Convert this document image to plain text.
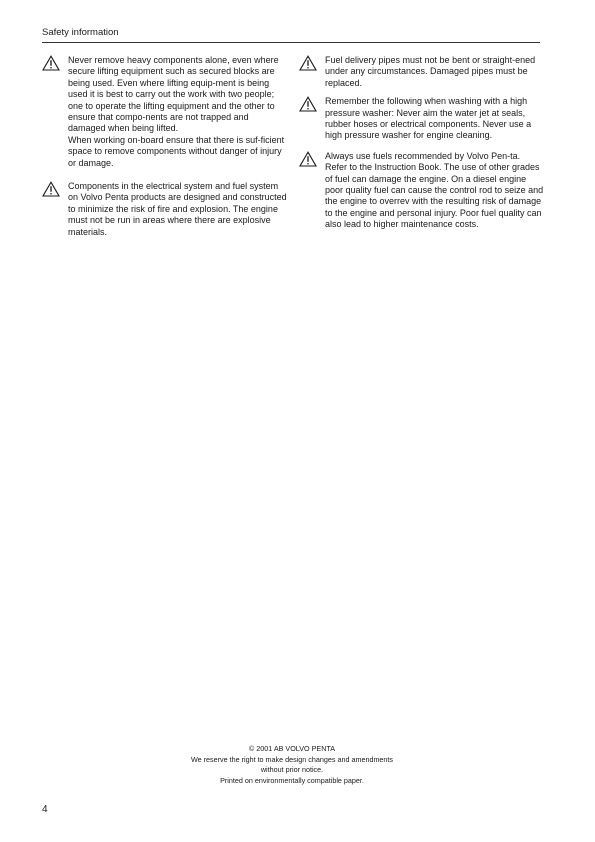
Safety information

Never remove heavy components alone, even where secure lifting equipment such as secured blocks are being used. Even where lifting equip-ment is being used it is best to carry out the work with two people; one to operate the lifting equipment and the other to ensure that compo-nents are not trapped and damaged when being lifted.

When working on-board ensure that there is suf-ficient space to remove components without danger of injury or damage.

Components in the electrical system and fuel system on Volvo Penta products are designed and constructed to minimize the risk of fire and explosion. The engine must not be run in areas where there are explosive materials.

Fuel delivery pipes must not be bent or straight-ened under any circumstances. Damaged pipes must be replaced.

Remember the following when washing with a high pressure washer: Never aim the water jet at seals, rubber hoses or electrical components. Never use a high pressure washer for engine cleaning.

Always use fuels recommended by Volvo Pen-ta. Refer to the Instruction Book. The use of other grades of fuel can damage the engine. On a diesel engine poor quality fuel can cause the control rod to seize and the engine to overrev with the resulting risk of damage to the engine and personal injury. Poor fuel quality can also lead to higher maintenance costs.

© 2001 AB VOLVO PENTA
We reserve the right to make design changes and amendments
without prior notice.
Printed on environmentally compatible paper.
4
